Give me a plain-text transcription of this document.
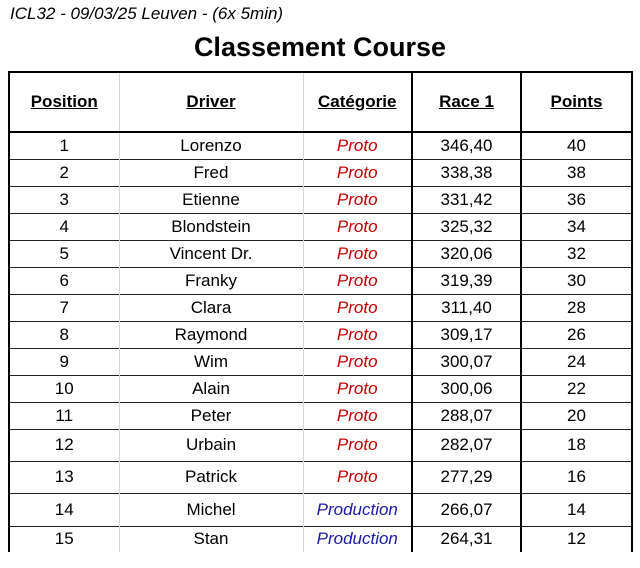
ICL32 - 09/03/25 Leuven - (6x 5min)
Classement Course
Position	Driver	Catégorie	Race 1	Points
1	Lorenzo	Proto	346,40	40
2	Fred	Proto	338,38	38
3	Etienne	Proto	331,42	36
4	Blondstein	Proto	325,32	34
5	Vincent Dr.	Proto	320,06	32
6	Franky	Proto	319,39	30
7	Clara	Proto	311,40	28
8	Raymond	Proto	309,17	26
9	Wim	Proto	300,07	24
10	Alain	Proto	300,06	22
11	Peter	Proto	288,07	20
12	Urbain	Proto	282,07	18
13	Patrick	Proto	277,29	16
14	Michel	Production	266,07	14
15	Stan	Production	264,31	12
